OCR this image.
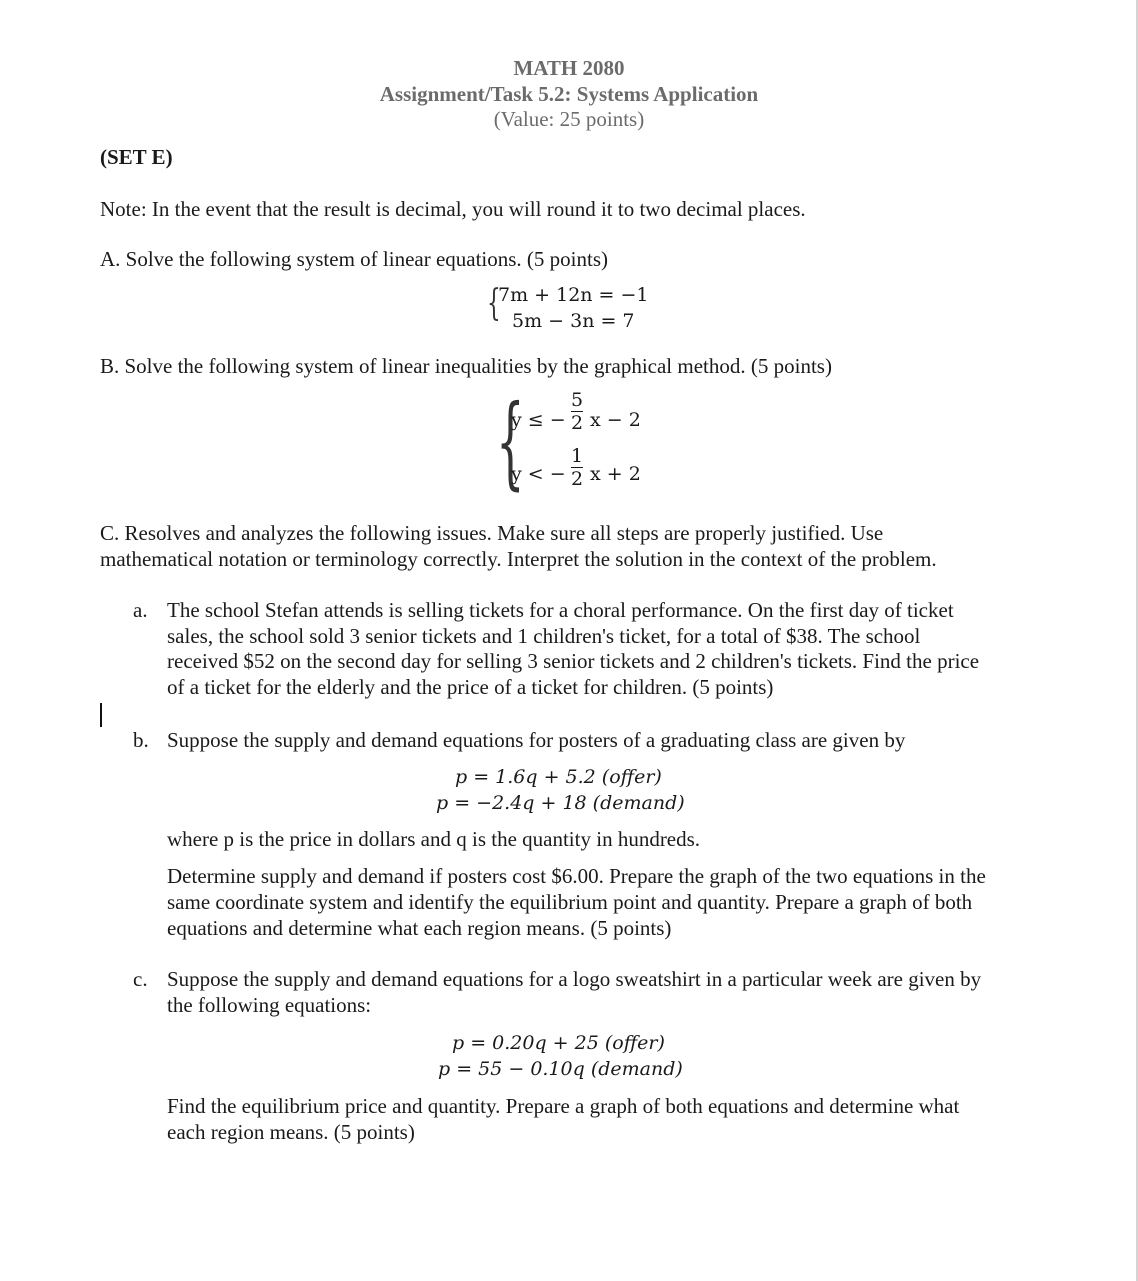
MATH 2080
Assignment/Task 5.2: Systems Application
(Value: 25 points)
(SET E)
Note: In the event that the result is decimal, you will round it to two decimal places.
A. Solve the following system of linear equations. (5 points)
{
7m + 12n = −1
5m − 3n = 7
B. Solve the following system of linear inequalities by the graphical method. (5 points)
{
y ≤ −
5
2 x − 2
y < −
1
2 x + 2
C. Resolves and analyzes the following issues. Make sure all steps are properly justified. Use
mathematical notation or terminology correctly. Interpret the solution in the context of the problem.
a. The school Stefan attends is selling tickets for a choral performance. On the first day of ticket
sales, the school sold 3 senior tickets and 1 children's ticket, for a total of $38. The school
received $52 on the second day for selling 3 senior tickets and 2 children's tickets. Find the price
of a ticket for the elderly and the price of a ticket for children. (5 points)
b. Suppose the supply and demand equations for posters of a graduating class are given by
p = 1.6q + 5.2 (offer)
p = −2.4q + 18 (demand)
where p is the price in dollars and q is the quantity in hundreds.
Determine supply and demand if posters cost $6.00. Prepare the graph of the two equations in the
same coordinate system and identify the equilibrium point and quantity. Prepare a graph of both
equations and determine what each region means. (5 points)
c. Suppose the supply and demand equations for a logo sweatshirt in a particular week are given by
the following equations:
p = 0.20q + 25 (offer)
p = 55 − 0.10q (demand)
Find the equilibrium price and quantity. Prepare a graph of both equations and determine what
each region means. (5 points)
